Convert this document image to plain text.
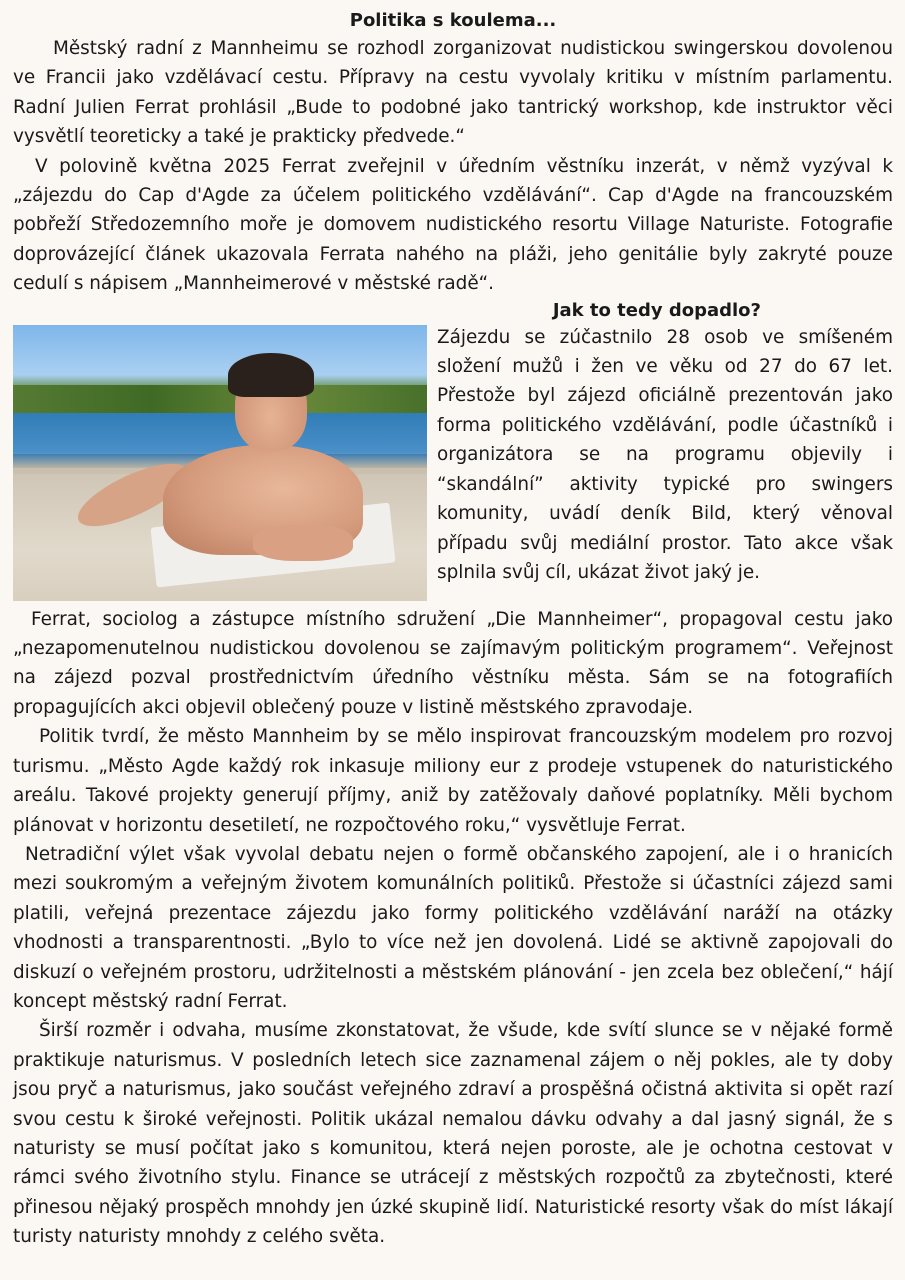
Politika s koulema...

Městský radní z Mannheimu se rozhodl zorganizovat nudistickou swingerskou dovolenou ve Francii jako vzdělávací cestu. Přípravy na cestu vyvolaly kritiku v místním parlamentu. Radní Julien Ferrat prohlásil „Bude to podobné jako tantrický workshop, kde instruktor věci vysvětlí teoreticky a také je prakticky předvede.“

V polovině května 2025 Ferrat zveřejnil v úředním věstníku inzerát, v němž vyzýval k „zájezdu do Cap d'Agde za účelem politického vzdělávání“. Cap d'Agde na francouzském pobřeží Středozemního moře je domovem nudistického resortu Village Naturiste. Fotografie doprovázející článek ukazovala Ferrata nahého na pláži, jeho genitálie byly zakryté pouze cedulí s nápisem „Mannheimerové v městské radě“.

Jak to tedy dopadlo?

Zájezdu se zúčastnilo 28 osob ve smíšeném složení mužů i žen ve věku od 27 do 67 let. Přestože byl zájezd oficiálně prezentován jako forma politického vzdělávání, podle účastníků i organizátora se na programu objevily i “skandální” aktivity typické pro swingers komunity, uvádí deník Bild, který věnoval případu svůj mediální prostor. Tato akce však splnila svůj cíl, ukázat život jaký je.

Ferrat, sociolog a zástupce místního sdružení „Die Mannheimer“, propagoval cestu jako „nezapomenutelnou nudistickou dovolenou se zajímavým politickým programem“. Veřejnost na zájezd pozval prostřednictvím úředního věstníku města. Sám se na fotografiích propagujících akci objevil oblečený pouze v listině městského zpravodaje.

Politik tvrdí, že město Mannheim by se mělo inspirovat francouzským modelem pro rozvoj turismu. „Město Agde každý rok inkasuje miliony eur z prodeje vstupenek do naturistického areálu. Takové projekty generují příjmy, aniž by zatěžovaly daňové poplatníky. Měli bychom plánovat v horizontu desetiletí, ne rozpočtového roku,“ vysvětluje Ferrat.

Netradiční výlet však vyvolal debatu nejen o formě občanského zapojení, ale i o hranicích mezi soukromým a veřejným životem komunálních politiků. Přestože si účastníci zájezd sami platili, veřejná prezentace zájezdu jako formy politického vzdělávání naráží na otázky vhodnosti a transparentnosti. „Bylo to více než jen dovolená. Lidé se aktivně zapojovali do diskuzí o veřejném prostoru, udržitelnosti a městském plánování - jen zcela bez oblečení,“ hájí koncept městský radní Ferrat.

Širší rozměr i odvaha, musíme zkonstatovat, že všude, kde svítí slunce se v nějaké formě praktikuje naturismus. V posledních letech sice zaznamenal zájem o něj pokles, ale ty doby jsou pryč a naturismus, jako součást veřejného zdraví a prospěšná očistná aktivita si opět razí svou cestu k široké veřejnosti. Politik ukázal nemalou dávku odvahy a dal jasný signál, že s naturisty se musí počítat jako s komunitou, která nejen poroste, ale je ochotna cestovat v rámci svého životního stylu. Finance se utrácejí z městských rozpočtů za zbytečnosti, které přinesou nějaký prospěch mnohdy jen úzké skupině lidí. Naturistické resorty však do míst lákají turisty naturisty mnohdy z celého světa.
